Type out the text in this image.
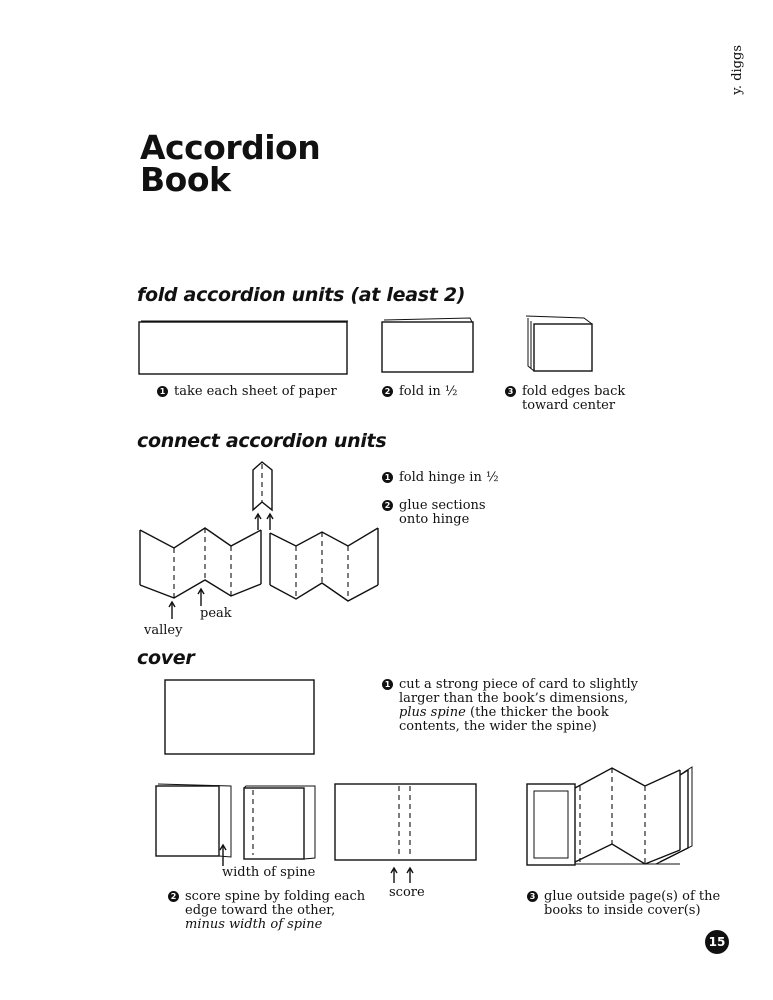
y. diggs
Accordion
Book
fold accordion units (at least 2)
1 take each sheet of paper	2 fold in ½	3 fold edges back
toward center
connect accordion units
1 fold hinge in ½
2 glue sections
onto hinge
valley
peak
cover
1 cut a strong piece of card to slightly
larger than the book’s dimensions,
plus spine (the thicker the book
contents, the wider the spine)
width of spine
score
2 score spine by folding each
edge toward the other,
minus width of spine
3 glue outside page(s) of the
books to inside cover(s)
15
